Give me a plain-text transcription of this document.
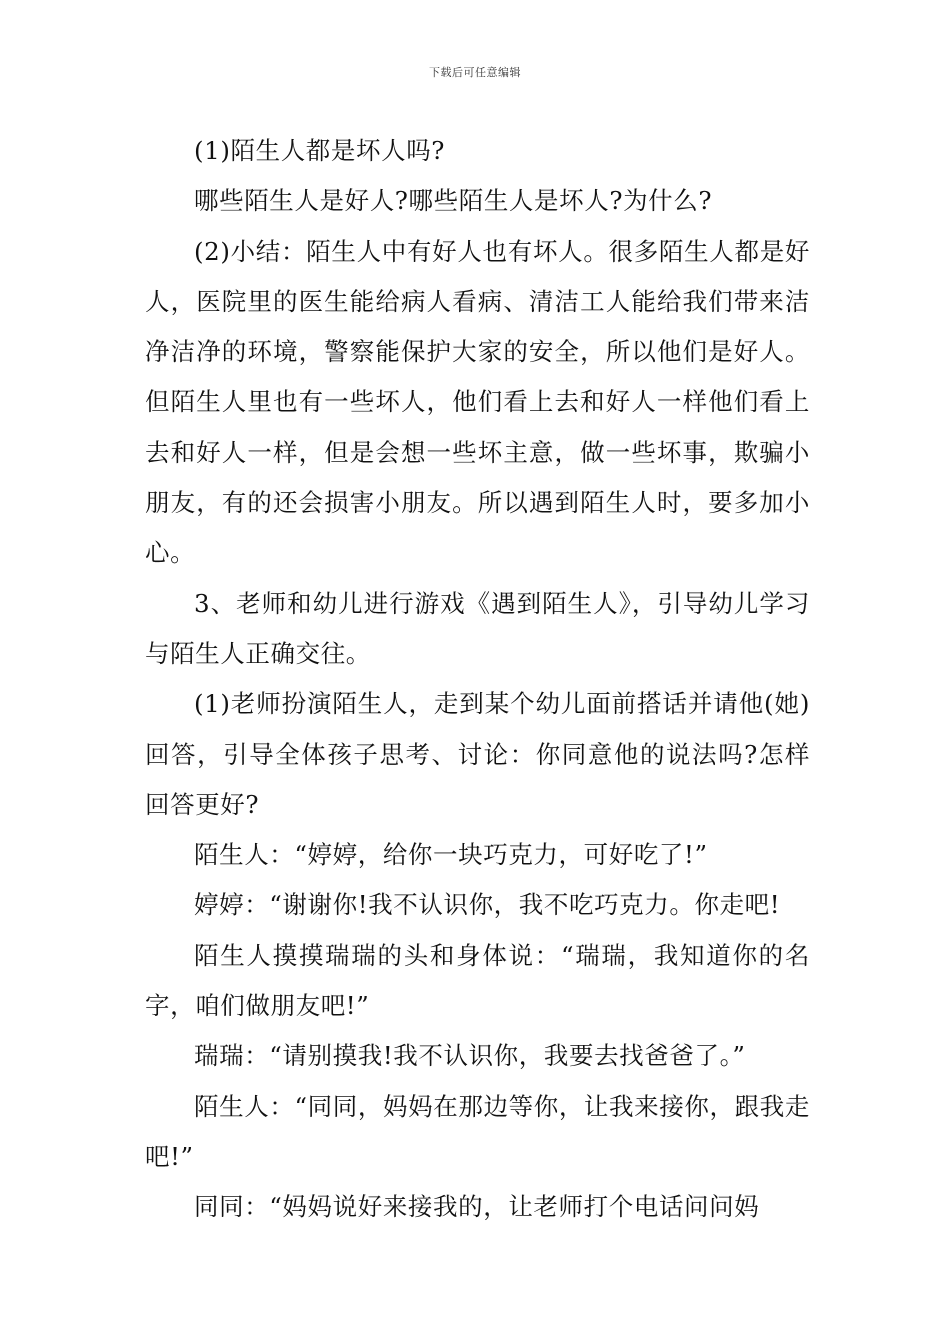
下载后可任意编辑

(1)陌生人都是坏人吗?

哪些陌生人是好人?哪些陌生人是坏人?为什么?

(2)小结：陌生人中有好人也有坏人。很多陌生人都是好人，医院里的医生能给病人看病、清洁工人能给我们带来洁净洁净的环境，警察能保护大家的安全，所以他们是好人。但陌生人里也有一些坏人，他们看上去和好人一样他们看上去和好人一样，但是会想一些坏主意，做一些坏事，欺骗小朋友，有的还会损害小朋友。所以遇到陌生人时，要多加小心。

3、老师和幼儿进行游戏《遇到陌生人》，引导幼儿学习与陌生人正确交往。

(1)老师扮演陌生人，走到某个幼儿面前搭话并请他(她)回答，引导全体孩子思考、讨论：你同意他的说法吗?怎样回答更好?

陌生人：“婷婷，给你一块巧克力，可好吃了!”

婷婷：“谢谢你!我不认识你，我不吃巧克力。你走吧!

陌生人摸摸瑞瑞的头和身体说：“瑞瑞，我知道你的名字，咱们做朋友吧!”

瑞瑞：“请别摸我!我不认识你，我要去找爸爸了。”

陌生人：“同同，妈妈在那边等你，让我来接你，跟我走吧!”

同同：“妈妈说好来接我的，让老师打个电话问问妈
